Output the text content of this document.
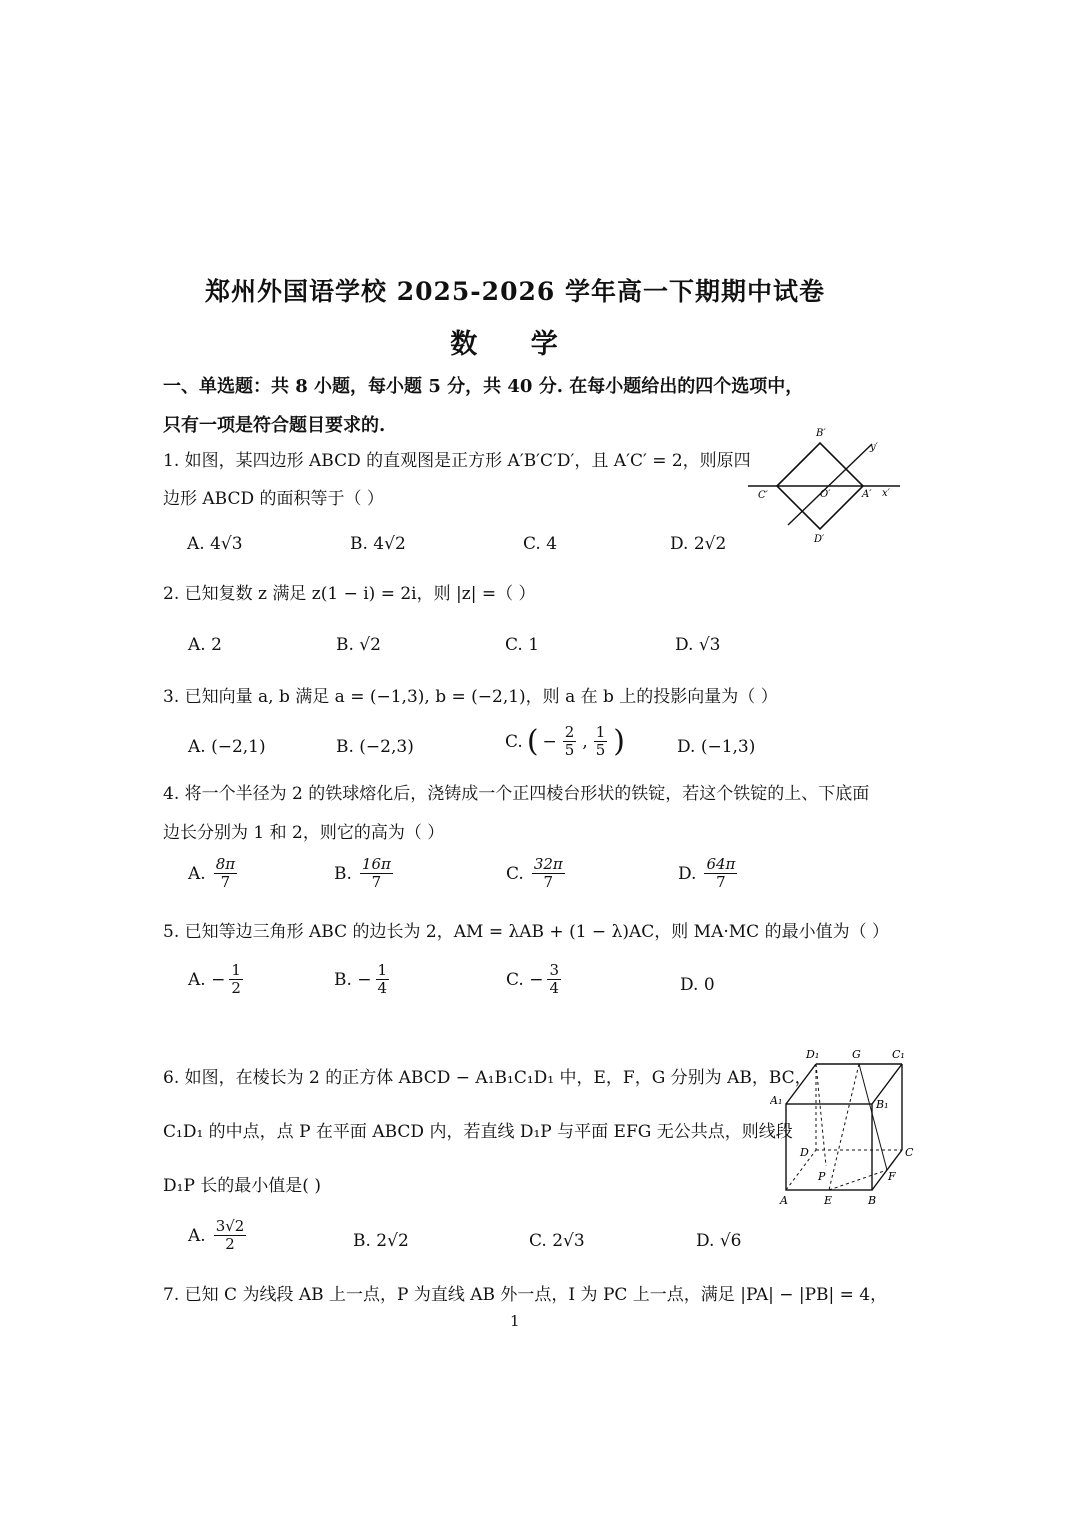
郑州外国语学校 2025-2026 学年高一下期期中试卷
数 学
一、单选题：共 8 小题，每小题 5 分，共 40 分. 在每小题给出的四个选项中，
只有一项是符合题目要求的.
1. 如图，某四边形 ABCD 的直观图是正方形 A′B′C′D′，且 A′C′ = 2，则原四
边形 ABCD 的面积等于（ ）
A. 4√3	B. 4√2	C. 4	D. 2√2
B′
y′
C′	O′	A′ x′
D′
2. 已知复数 z 满足 z(1 − i) = 2i，则 |z| =（ ）
A. 2	B. √2	C. 1	D. √3
3. 已知向量 a, b 满足 a = (−1,3), b = (−2,1)，则 a 在 b 上的投影向量为（ ）
A. (−2,1)	B. (−2,3)	C. ( − $\frac{2}{5}$ , $\frac{1}{5}$ )	D. (−1,3)
4. 将一个半径为 2 的铁球熔化后，浇铸成一个正四棱台形状的铁锭，若这个铁锭的上、下底面
边长分别为 1 和 2，则它的高为（ ）
A. $\frac{8\pi}{7}$	B. $\frac{16\pi}{7}$	C. $\frac{32\pi}{7}$	D. $\frac{64\pi}{7}$
5. 已知等边三角形 ABC 的边长为 2，AM = λAB + (1 − λ)AC，则 MA·MC 的最小值为（ ）
A. − $\frac{1}{2}$	B. − $\frac{1}{4}$	C. − $\frac{3}{4}$	D. 0
6. 如图，在棱长为 2 的正方体 ABCD − A₁B₁C₁D₁ 中，E，F，G 分别为 AB，BC，
C₁D₁ 的中点，点 P 在平面 ABCD 内，若直线 D₁P 与平面 EFG 无公共点，则线段
D₁P 长的最小值是( )
A. $\frac{3√2}{2}$	B. 2√2	C. 2√3	D. √6
D₁	G	C₁
A₁	B₁
D	C
P	F
A	E	B
7. 已知 C 为线段 AB 上一点，P 为直线 AB 外一点，I 为 PC 上一点，满足 |PA| − |PB| = 4，
1
